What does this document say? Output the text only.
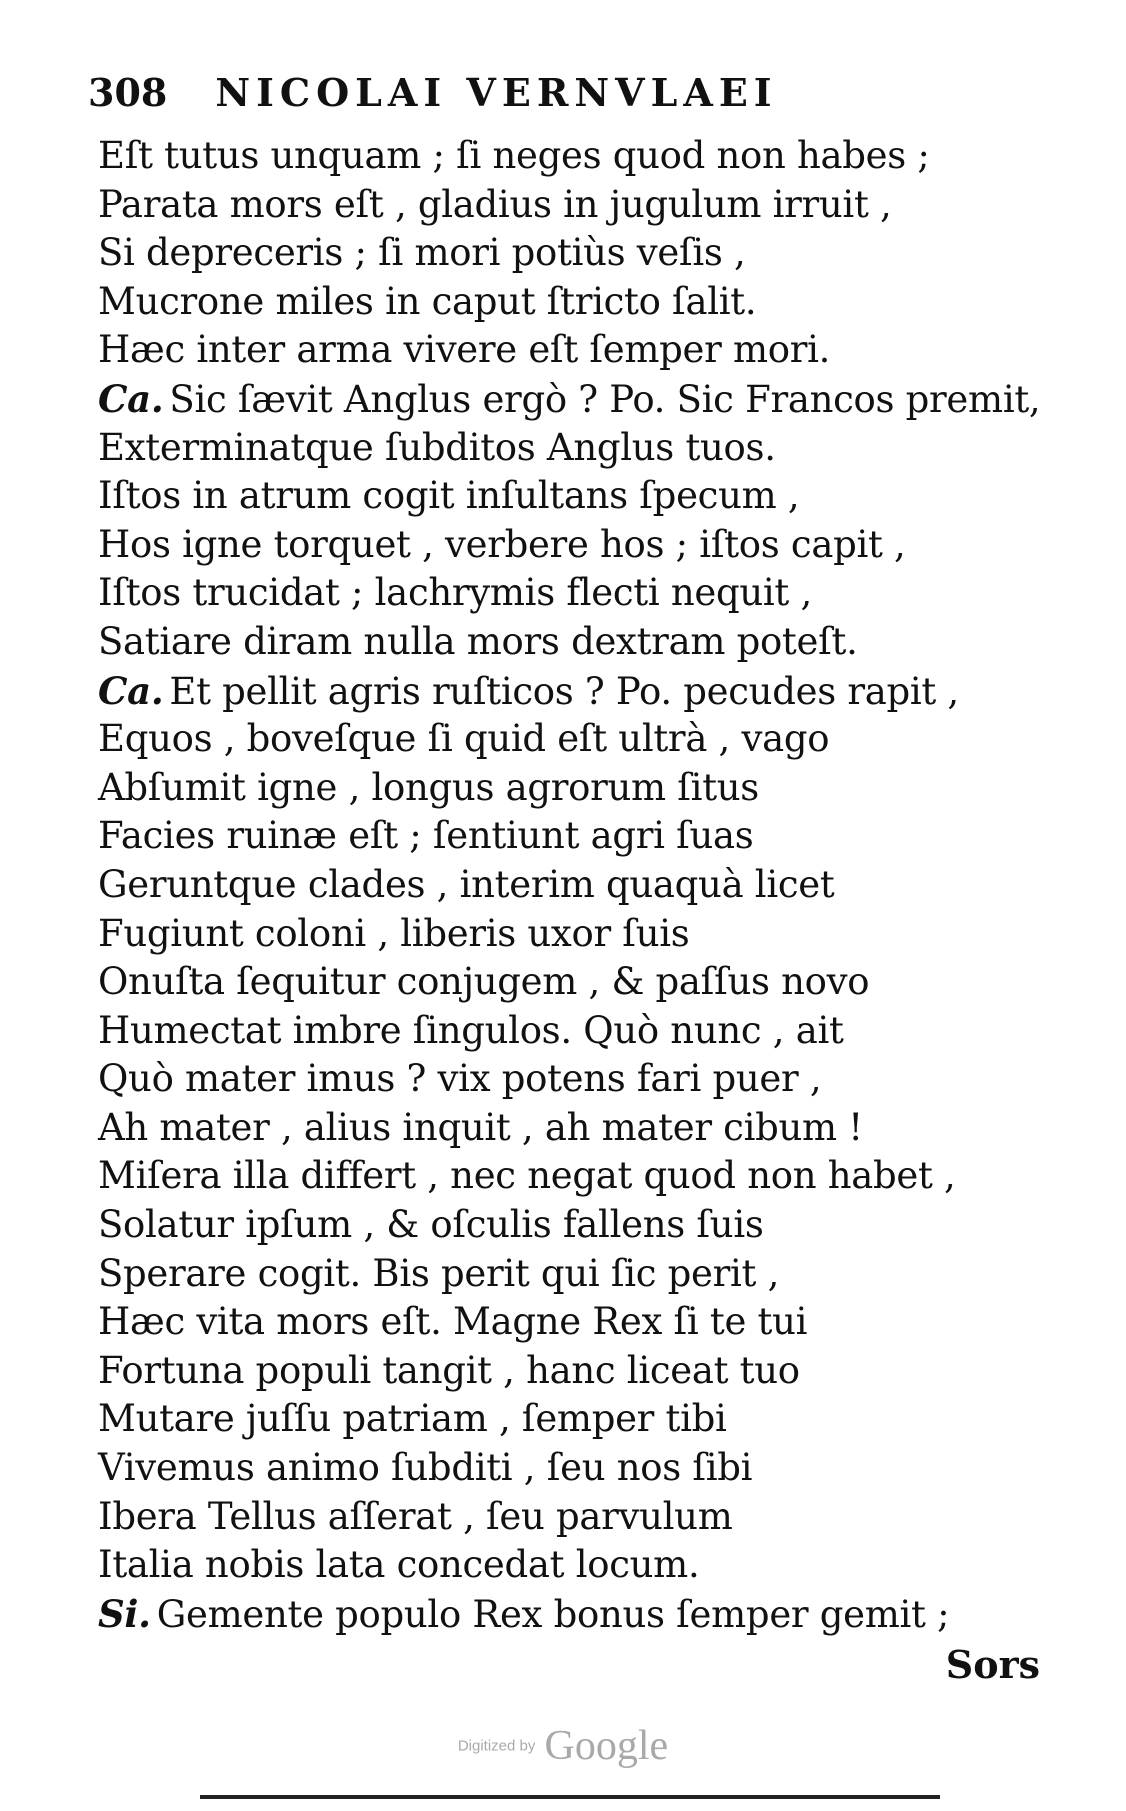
308 NICOLAI VERNVLAEI
Eſt tutus unquam ; ſi neges quod non habes ;
Parata mors eſt , gladius in jugulum irruit ,
Si depreceris ; ſi mori potiùs veſis ,
Mucrone miles in caput ſtricto ſalit.
Hæc inter arma vivere eſt ſemper mori.
Ca. Sic ſævit Anglus ergò ? Po. Sic Francos premit,
Exterminatque ſubditos Anglus tuos.
Iſtos in atrum cogit inſultans ſpecum ,
Hos igne torquet , verbere hos ; iſtos capit ,
Iſtos trucidat ; lachrymis flecti nequit ,
Satiare diram nulla mors dextram poteſt.
Ca. Et pellit agris ruſticos ? Po. pecudes rapit ,
Equos , boveſque ſi quid eſt ultrà , vago
Abſumit igne , longus agrorum ſitus
Facies ruinæ eſt ; ſentiunt agri ſuas
Geruntque clades , interim quaquà licet
Fugiunt coloni , liberis uxor ſuis
Onuſta ſequitur conjugem , & paſſus novo
Humectat imbre ſingulos. Quò nunc , ait
Quò mater imus ? vix potens fari puer ,
Ah mater , alius inquit , ah mater cibum !
Miſera illa differt , nec negat quod non habet ,
Solatur ipſum , & oſculis fallens ſuis
Sperare cogit. Bis perit qui ſic perit ,
Hæc vita mors eſt. Magne Rex ſi te tui
Fortuna populi tangit , hanc liceat tuo
Mutare juſſu patriam , ſemper tibi
Vivemus animo ſubditi , ſeu nos ſibi
Ibera Tellus aſſerat , ſeu parvulum
Italia nobis lata concedat locum.
Si. Gemente populo Rex bonus ſemper gemit ;
Sors
Digitized by Google
